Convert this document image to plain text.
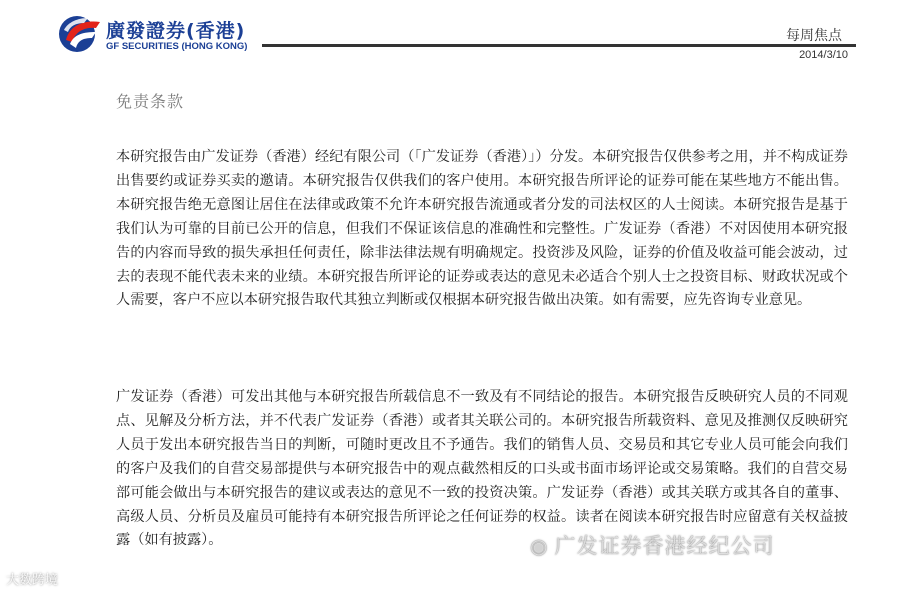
廣發證券(香港)
GF SECURITIES (HONG KONG)
每周焦点
2014/3/10
免责条款

本研究报告由广发证券（香港）经纪有限公司（「广发证券（香港）」）分发。本研究报告仅供参考之用，并不构成证券出售要约或证券买卖的邀请。本研究报告仅供我们的客户使用。本研究报告所评论的证券可能在某些地方不能出售。本研究报告绝无意图让居住在法律或政策不允许本研究报告流通或者分发的司法权区的人士阅读。本研究报告是基于我们认为可靠的目前已公开的信息，但我们不保证该信息的准确性和完整性。广发证券（香港）不对因使用本研究报告的内容而导致的损失承担任何责任，除非法律法规有明确规定。投资涉及风险，证券的价值及收益可能会波动，过去的表现不能代表未来的业绩。本研究报告所评论的证券或表达的意见未必适合个别人士之投资目标、财政状况或个人需要，客户不应以本研究报告取代其独立判断或仅根据本研究报告做出决策。如有需要，应先咨询专业意见。

广发证券（香港）可发出其他与本研究报告所载信息不一致及有不同结论的报告。本研究报告反映研究人员的不同观点、见解及分析方法，并不代表广发证券（香港）或者其关联公司的。本研究报告所载资料、意见及推测仅反映研究人员于发出本研究报告当日的判断，可随时更改且不予通告。我们的销售人员、交易员和其它专业人员可能会向我们的客户及我们的自营交易部提供与本研究报告中的观点截然相反的口头或书面市场评论或交易策略。我们的自营交易部可能会做出与本研究报告的建议或表达的意见不一致的投资决策。广发证券（香港）或其关联方或其各自的董事、高级人员、分析员及雇员可能持有本研究报告所评论之任何证券的权益。读者在阅读本研究报告时应留意有关权益披露（如有披露）。

大数跨境
◉ 广发证券香港经纪公司
